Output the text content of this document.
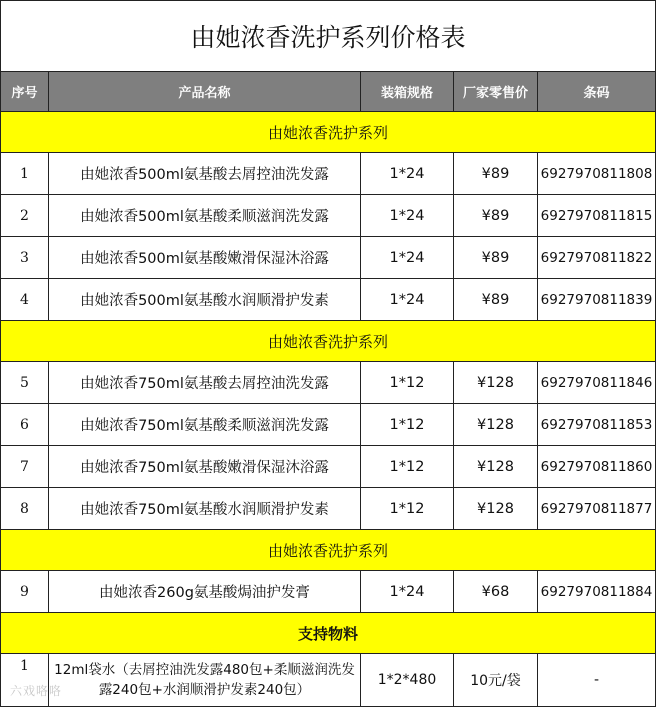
由她浓香洗护系列价格表				
序号	产品名称	装箱规格	厂家零售价	条码
由她浓香洗护系列				
1	由她浓香500ml氨基酸去屑控油洗发露	1*24	¥89	6927970811808
2	由她浓香500ml氨基酸柔顺滋润洗发露	1*24	¥89	6927970811815
3	由她浓香500ml氨基酸嫩滑保湿沐浴露	1*24	¥89	6927970811822
4	由她浓香500ml氨基酸水润顺滑护发素	1*24	¥89	6927970811839
由她浓香洗护系列				
5	由她浓香750ml氨基酸去屑控油洗发露	1*12	¥128	6927970811846
6	由她浓香750ml氨基酸柔顺滋润洗发露	1*12	¥128	6927970811853
7	由她浓香750ml氨基酸嫩滑保湿沐浴露	1*12	¥128	6927970811860
8	由她浓香750ml氨基酸水润顺滑护发素	1*12	¥128	6927970811877
由她浓香洗护系列				
9	由她浓香260g氨基酸焗油护发膏	1*24	¥68	6927970811884
支持物料				
1	12ml袋水（去屑控油洗发露480包+柔顺滋润洗发露240包+水润顺滑护发素240包）	1*2*480	10元/袋	-
六戏咯咯
